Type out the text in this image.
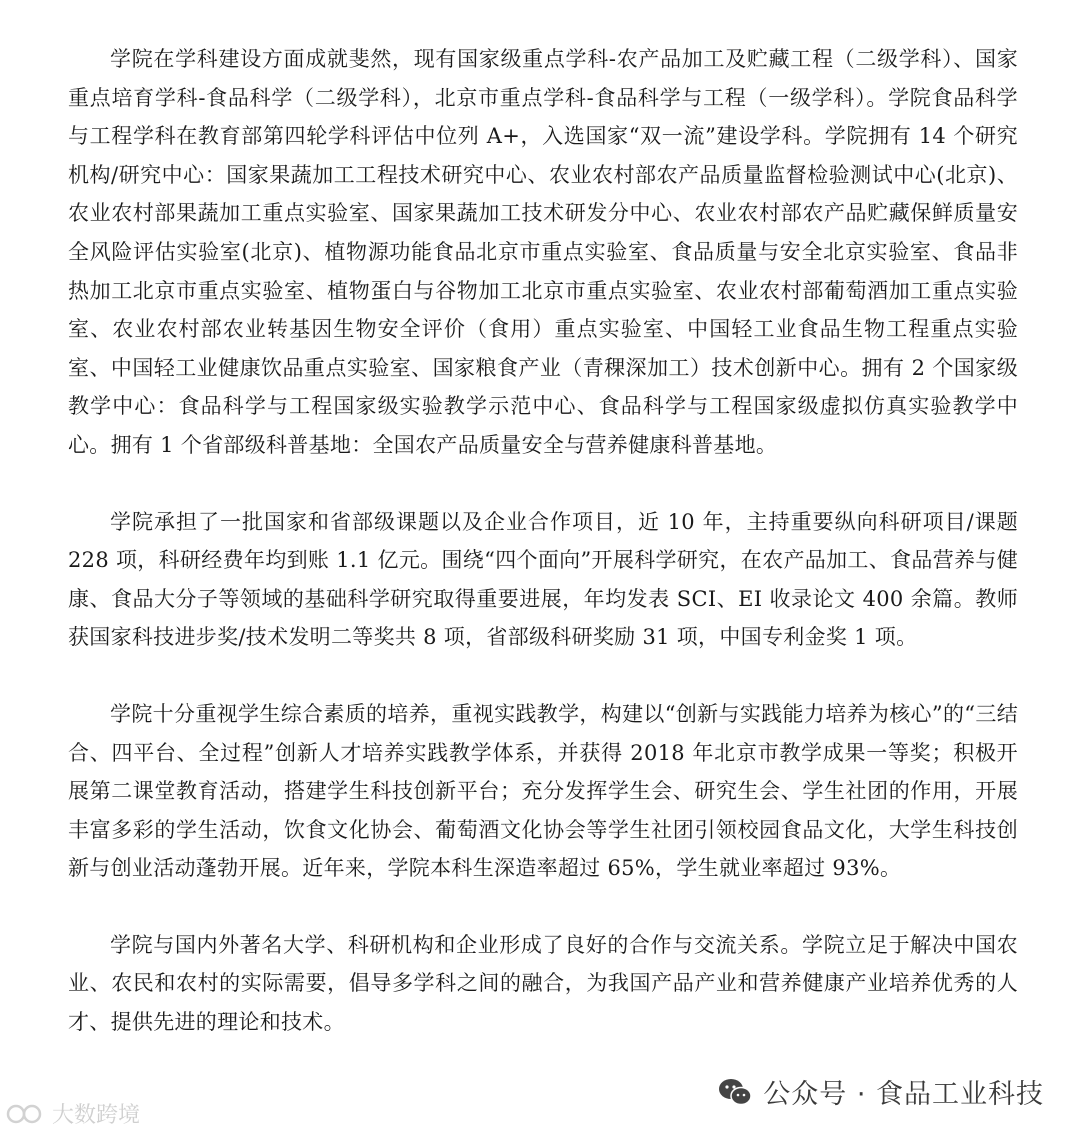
学院在学科建设方面成就斐然，现有国家级重点学科-农产品加工及贮藏工程（二级学科）、国家重点培育学科-食品科学（二级学科），北京市重点学科-食品科学与工程（一级学科）。学院食品科学与工程学科在教育部第四轮学科评估中位列 A+，入选国家“双一流”建设学科。学院拥有 14 个研究机构/研究中心：国家果蔬加工工程技术研究中心、农业农村部农产品质量监督检验测试中心(北京)、农业农村部果蔬加工重点实验室、国家果蔬加工技术研发分中心、农业农村部农产品贮藏保鲜质量安全风险评估实验室(北京)、植物源功能食品北京市重点实验室、食品质量与安全北京实验室、食品非热加工北京市重点实验室、植物蛋白与谷物加工北京市重点实验室、农业农村部葡萄酒加工重点实验室、农业农村部农业转基因生物安全评价（食用）重点实验室、中国轻工业食品生物工程重点实验室、中国轻工业健康饮品重点实验室、国家粮食产业（青稞深加工）技术创新中心。拥有 2 个国家级教学中心：食品科学与工程国家级实验教学示范中心、食品科学与工程国家级虚拟仿真实验教学中心。拥有 1 个省部级科普基地：全国农产品质量安全与营养健康科普基地。

学院承担了一批国家和省部级课题以及企业合作项目，近 10 年，主持重要纵向科研项目/课题 228 项，科研经费年均到账 1.1 亿元。围绕“四个面向”开展科学研究，在农产品加工、食品营养与健康、食品大分子等领域的基础科学研究取得重要进展，年均发表 SCI、EI 收录论文 400 余篇。教师获国家科技进步奖/技术发明二等奖共 8 项，省部级科研奖励 31 项，中国专利金奖 1 项。

学院十分重视学生综合素质的培养，重视实践教学，构建以“创新与实践能力培养为核心”的“三结合、四平台、全过程”创新人才培养实践教学体系，并获得 2018 年北京市教学成果一等奖；积极开展第二课堂教育活动，搭建学生科技创新平台；充分发挥学生会、研究生会、学生社团的作用，开展丰富多彩的学生活动，饮食文化协会、葡萄酒文化协会等学生社团引领校园食品文化，大学生科技创新与创业活动蓬勃开展。近年来，学院本科生深造率超过 65%，学生就业率超过 93%。

学院与国内外著名大学、科研机构和企业形成了良好的合作与交流关系。学院立足于解决中国农业、农民和农村的实际需要，倡导多学科之间的融合，为我国产品产业和营养健康产业培养优秀的人才、提供先进的理论和技术。

大数跨境
公众号 · 食品工业科技
